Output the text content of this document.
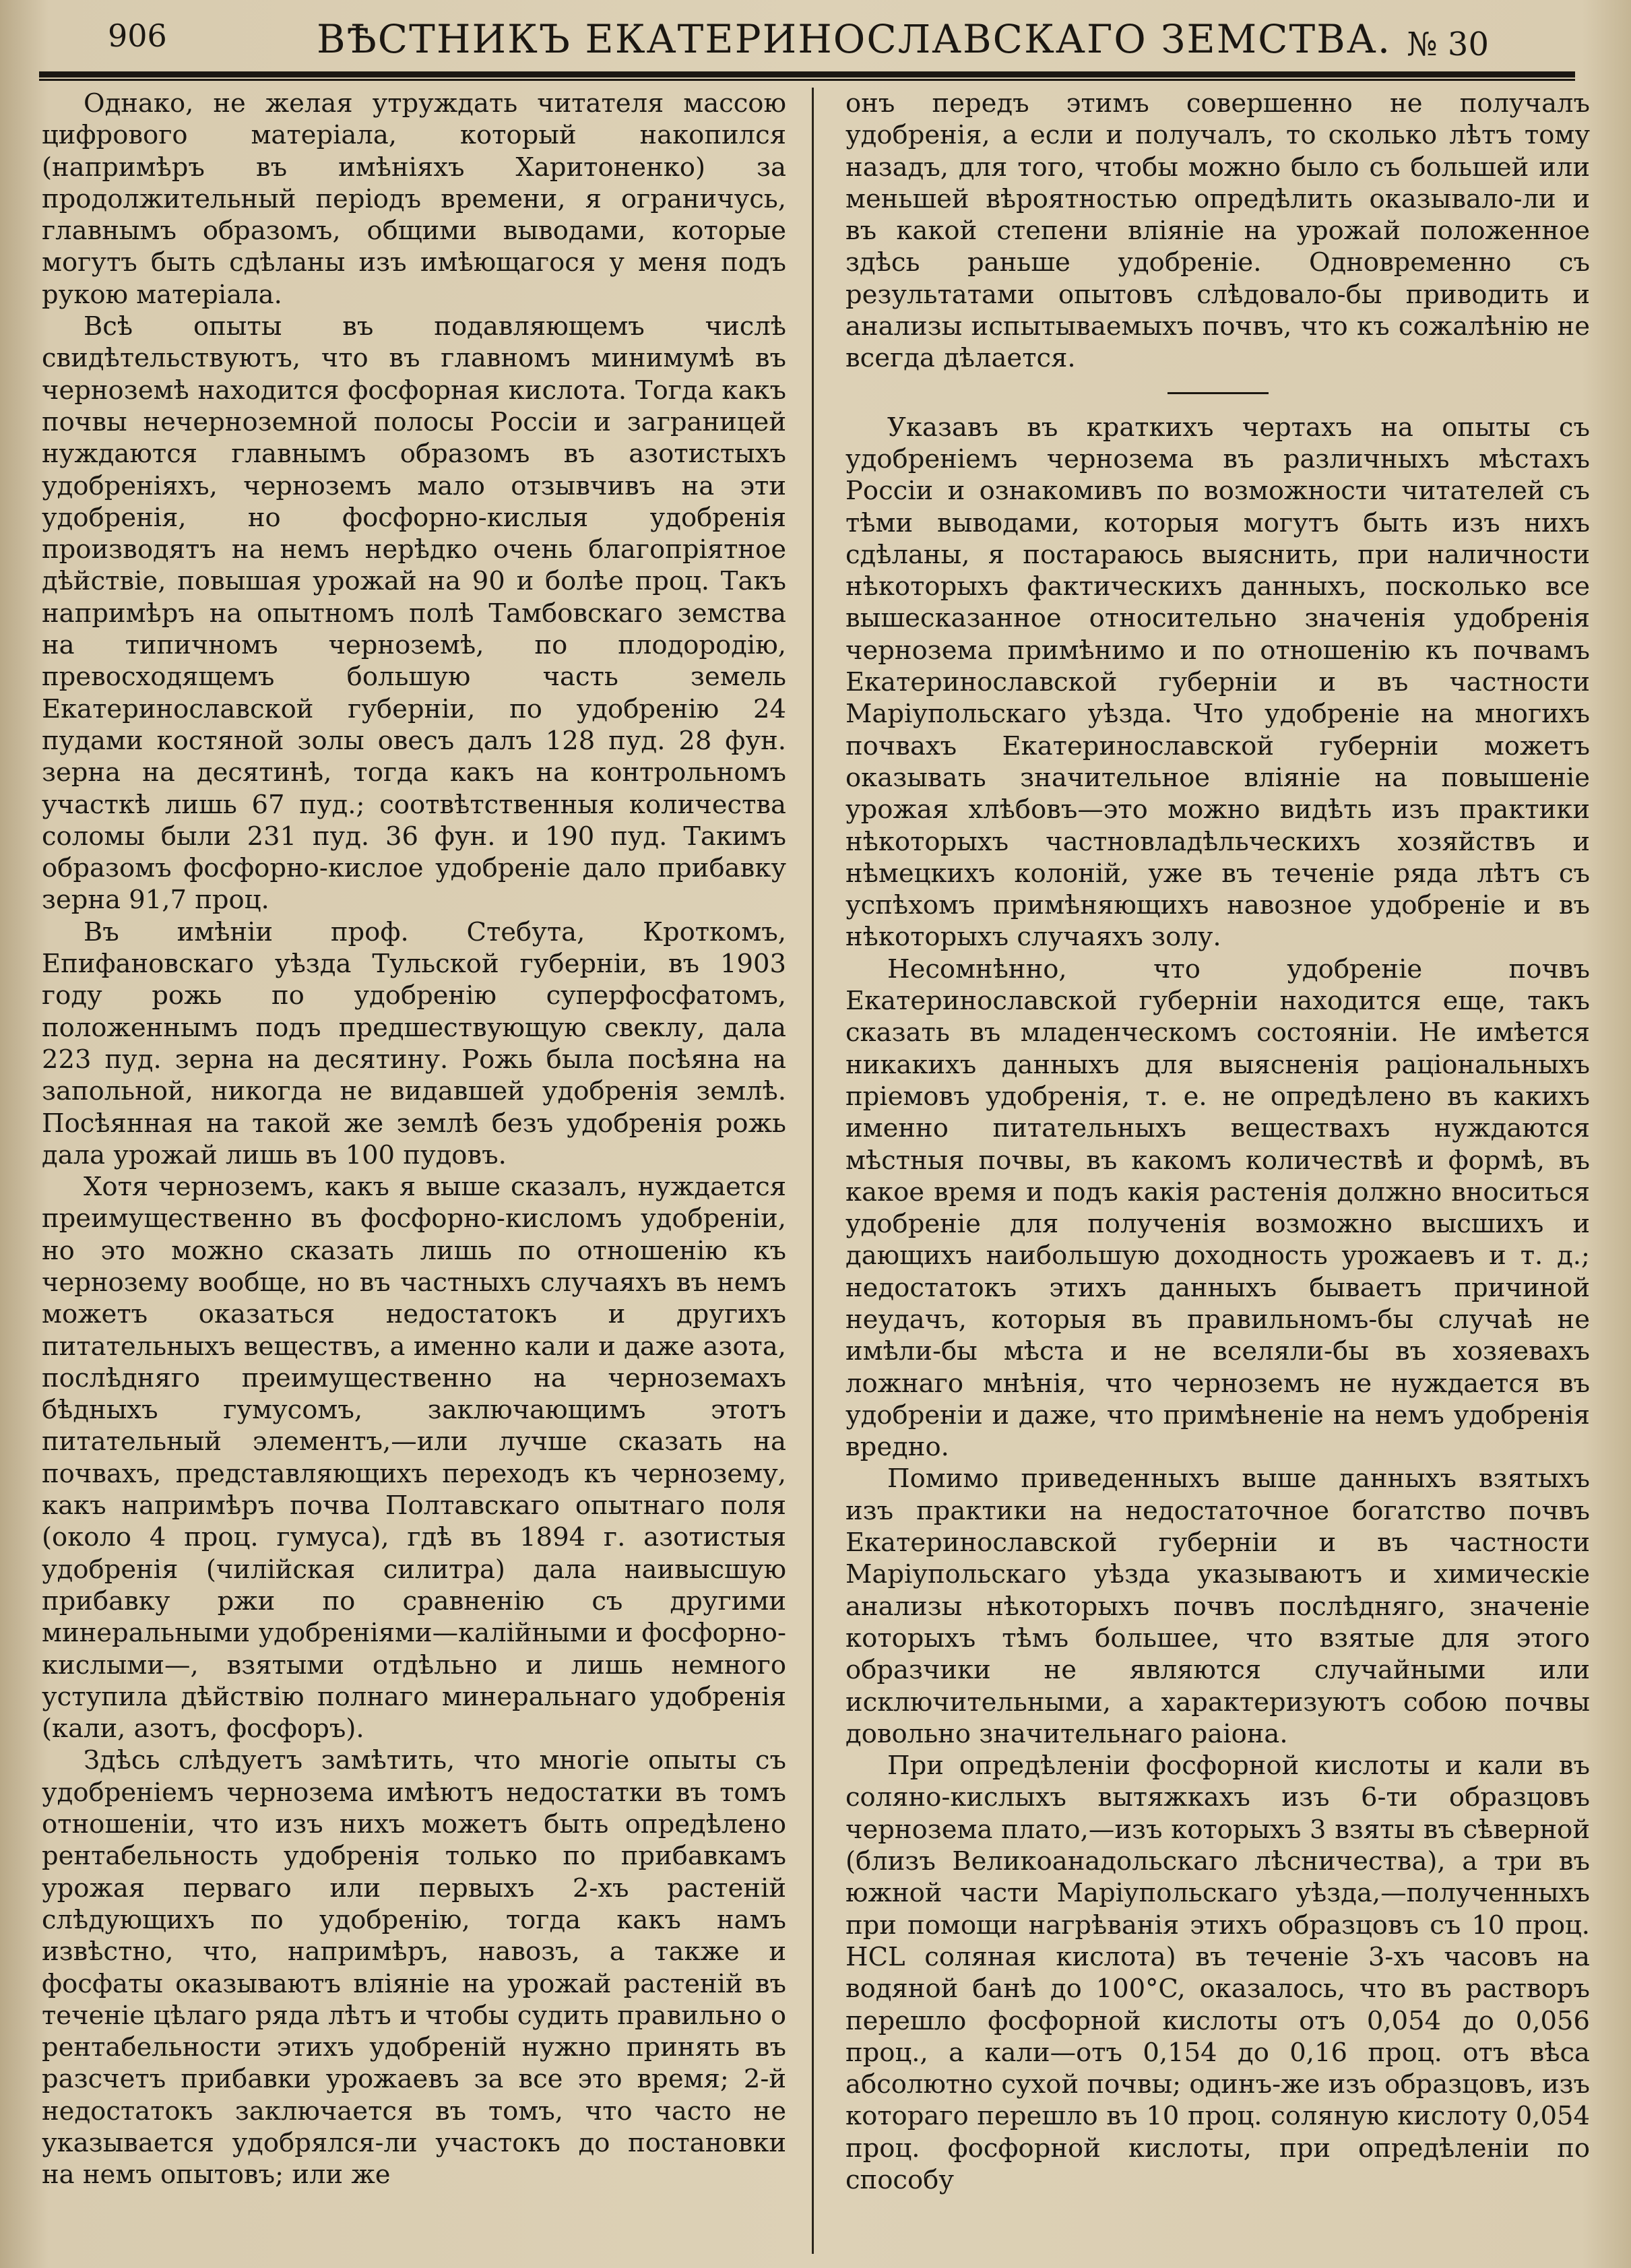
906	ВѢСТНИКЪ ЕКАТЕРИНОСЛАВСКАГО ЗЕМСТВА. № 30

Однако, не желая утруждать читателя массою цифрового матеріала, который накопился (напримѣръ въ имѣніяхъ Харитоненко) за продолжительный періодъ времени, я ограничусь, главнымъ образомъ, общими выводами, которые могутъ быть сдѣланы изъ имѣющагося у меня подъ рукою матеріала.

Всѣ опыты въ подавляющемъ числѣ свидѣтельствуютъ, что въ главномъ минимумѣ въ черноземѣ находится фосфорная кислота. Тогда какъ почвы нечерноземной полосы Россіи и заграницей нуждаются главнымъ образомъ въ азотистыхъ удобреніяхъ, черноземъ мало отзывчивъ на эти удобренія, но фосфорно-кислыя удобренія производятъ на немъ нерѣдко очень благопріятное дѣйствіе, повышая урожай на 90 и болѣе проц. Такъ напримѣръ на опытномъ полѣ Тамбовскаго земства на типичномъ черноземѣ, по плодородію, превосходящемъ большую часть земель Екатеринославской губерніи, по удобренію 24 пудами костяной золы овесъ далъ 128 пуд. 28 фун. зерна на десятинѣ, тогда какъ на контрольномъ участкѣ лишь 67 пуд.; соотвѣтственныя количества соломы были 231 пуд. 36 фун. и 190 пуд. Такимъ образомъ фосфорно-кислое удобреніе дало прибавку зерна 91,7 проц.

Въ имѣніи проф. Стебута, Кроткомъ, Епифановскаго уѣзда Тульской губерніи, въ 1903 году рожь по удобренію суперфосфатомъ, положеннымъ подъ предшествующую свеклу, дала 223 пуд. зерна на десятину. Рожь была посѣяна на запольной, никогда не видавшей удобренія землѣ. Посѣянная на такой же землѣ безъ удобренія рожь дала урожай лишь въ 100 пудовъ.

Хотя черноземъ, какъ я выше сказалъ, нуждается преимущественно въ фосфорно-кисломъ удобреніи, но это можно сказать лишь по отношенію къ чернозему вообще, но въ частныхъ случаяхъ въ немъ можетъ оказаться недостатокъ и другихъ питательныхъ веществъ, а именно кали и даже азота, послѣдняго преимущественно на черноземахъ бѣдныхъ гумусомъ, заключающимъ этотъ питательный элементъ,—или лучше сказать на почвахъ, представляющихъ переходъ къ чернозему, какъ напримѣръ почва Полтавскаго опытнаго поля (около 4 проц. гумуса), гдѣ въ 1894 г. азотистыя удобренія (чилійская силитра) дала наивысшую прибавку ржи по сравненію съ другими минеральными удобреніями—калійными и фосфорно-кислыми—, взятыми отдѣльно и лишь немного уступила дѣйствію полнаго минеральнаго удобренія (кали, азотъ, фосфоръ).

Здѣсь слѣдуетъ замѣтить, что многіе опыты съ удобреніемъ чернозема имѣютъ недостатки въ томъ отношеніи, что изъ нихъ можетъ быть опредѣлено рентабельность удобренія только по прибавкамъ урожая перваго или первыхъ 2-хъ растеній слѣдующихъ по удобренію, тогда какъ намъ извѣстно, что, напримѣръ, навозъ, а также и фосфаты оказываютъ вліяніе на урожай растеній въ теченіе цѣлаго ряда лѣтъ и чтобы судить правильно о рентабельности этихъ удобреній нужно принять въ разсчетъ прибавки урожаевъ за все это время; 2-й недостатокъ заключается въ томъ, что часто не указывается удобрялся-ли участокъ до постановки на немъ опытовъ; или же

онъ передъ этимъ совершенно не получалъ удобренія, а если и получалъ, то сколько лѣтъ тому назадъ, для того, чтобы можно было съ большей или меньшей вѣроятностью опредѣлить оказывало-ли и въ какой степени вліяніе на урожай положенное здѣсь раньше удобреніе. Одновременно съ результатами опытовъ слѣдовало-бы приводить и анализы испытываемыхъ почвъ, что къ сожалѣнію не всегда дѣлается.

Указавъ въ краткихъ чертахъ на опыты съ удобреніемъ чернозема въ различныхъ мѣстахъ Россіи и ознакомивъ по возможности читателей съ тѣми выводами, которыя могутъ быть изъ нихъ сдѣланы, я постараюсь выяснить, при наличности нѣкоторыхъ фактическихъ данныхъ, посколько все вышесказанное относительно значенія удобренія чернозема примѣнимо и по отношенію къ почвамъ Екатеринославской губерніи и въ частности Маріупольскаго уѣзда. Что удобреніе на многихъ почвахъ Екатеринославской губерніи можетъ оказывать значительное вліяніе на повышеніе урожая хлѣбовъ—это можно видѣть изъ практики нѣкоторыхъ частновладѣльческихъ хозяйствъ и нѣмецкихъ колоній, уже въ теченіе ряда лѣтъ съ успѣхомъ примѣняющихъ навозное удобреніе и въ нѣкоторыхъ случаяхъ золу.

Несомнѣнно, что удобреніе почвъ Екатеринославской губерніи находится еще, такъ сказать въ младенческомъ состояніи. Не имѣется никакихъ данныхъ для выясненія раціональныхъ пріемовъ удобренія, т. е. не опредѣлено въ какихъ именно питательныхъ веществахъ нуждаются мѣстныя почвы, въ какомъ количествѣ и формѣ, въ какое время и подъ какія растенія должно вноситься удобреніе для полученія возможно высшихъ и дающихъ наибольшую доходность урожаевъ и т. д.; недостатокъ этихъ данныхъ бываетъ причиной неудачъ, которыя въ правильномъ-бы случаѣ не имѣли-бы мѣста и не вселяли-бы въ хозяевахъ ложнаго мнѣнія, что черноземъ не нуждается въ удобреніи и даже, что примѣненіе на немъ удобренія вредно.

Помимо приведенныхъ выше данныхъ взятыхъ изъ практики на недостаточное богатство почвъ Екатеринославской губерніи и въ частности Маріупольскаго уѣзда указываютъ и химическіе анализы нѣкоторыхъ почвъ послѣдняго, значеніе которыхъ тѣмъ большее, что взятые для этого образчики не являются случайными или исключительными, а характеризуютъ собою почвы довольно значительнаго раіона.

При опредѣленіи фосфорной кислоты и кали въ соляно-кислыхъ вытяжкахъ изъ 6-ти образцовъ чернозема плато,—изъ которыхъ 3 взяты въ сѣверной (близъ Великоанадольскаго лѣсничества), а три въ южной части Маріупольскаго уѣзда,—полученныхъ при помощи нагрѣванія этихъ образцовъ съ 10 проц. HCL соляная кислота) въ теченіе 3-хъ часовъ на водяной банѣ до 100°C, оказалось, что въ растворъ перешло фосфорной кислоты отъ 0,054 до 0,056 проц., а кали—отъ 0,154 до 0,16 проц. отъ вѣса абсолютно сухой почвы; одинъ-же изъ образцовъ, изъ котораго перешло въ 10 проц. соляную кислоту 0,054 проц. фосфорной кислоты, при опредѣленіи по способу
